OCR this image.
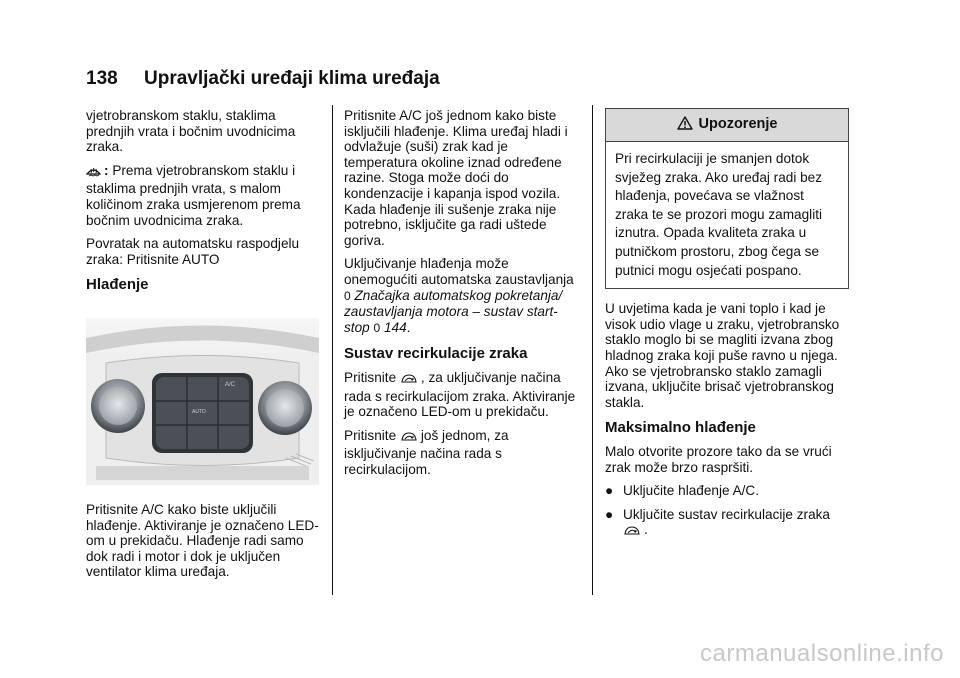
138 Upravljački uređaji klima uređaja

vjetrobranskom staklu, staklima prednjih vrata i bočnim uvodnicima zraka.

: Prema vjetrobranskom staklu i staklima prednjih vrata, s malom količinom zraka usmjerenom prema bočnim uvodnicima zraka.

Povratak na automatsku raspodjelu zraka: Pritisnite AUTO

Hlađenje
A/C
AUTO
Pritisnite A/C kako biste uključili hlađenje. Aktiviranje je označeno LED-om u prekidaču. Hlađenje radi samo dok radi i motor i dok je uključen ventilator klima uređaja.

Pritisnite A/C još jednom kako biste isključili hlađenje. Klima uređaj hladi i odvlažuje (suši) zrak kad je temperatura okoline iznad određene razine. Stoga može doći do kondenzacije i kapanja ispod vozila. Kada hlađenje ili sušenje zraka nije potrebno, isključite ga radi uštede goriva.

Uključivanje hlađenja može onemogućiti automatska zaustavljanja 0 Značajka automatskog pokretanja/ zaustavljanja motora – sustav start-stop 0 144.

Sustav recirkulacije zraka

Pritisnite , za uključivanje načina rada s recirkulacijom zraka. Aktiviranje je označeno LED-om u prekidaču.

Pritisnite još jednom, za isključivanje načina rada s recirkulacijom.

Upozorenje
Pri recirkulaciji je smanjen dotok svježeg zraka. Ako uređaj radi bez hlađenja, povećava se vlažnost zraka te se prozori mogu zamagliti iznutra. Opada kvaliteta zraka u putničkom prostoru, zbog čega se putnici mogu osjećati pospano.

U uvjetima kada je vani toplo i kad je visok udio vlage u zraku, vjetrobransko staklo moglo bi se magliti izvana zbog hladnog zraka koji puše ravno u njega. Ako se vjetrobransko staklo zamagli izvana, uključite brisač vjetrobranskog stakla.

Maksimalno hlađenje

Malo otvorite prozore tako da se vrući zrak može brzo raspršiti.

● Uključite hlađenje A/C.
● Uključite sustav recirkulacije zraka .
carmanualsonline.info
